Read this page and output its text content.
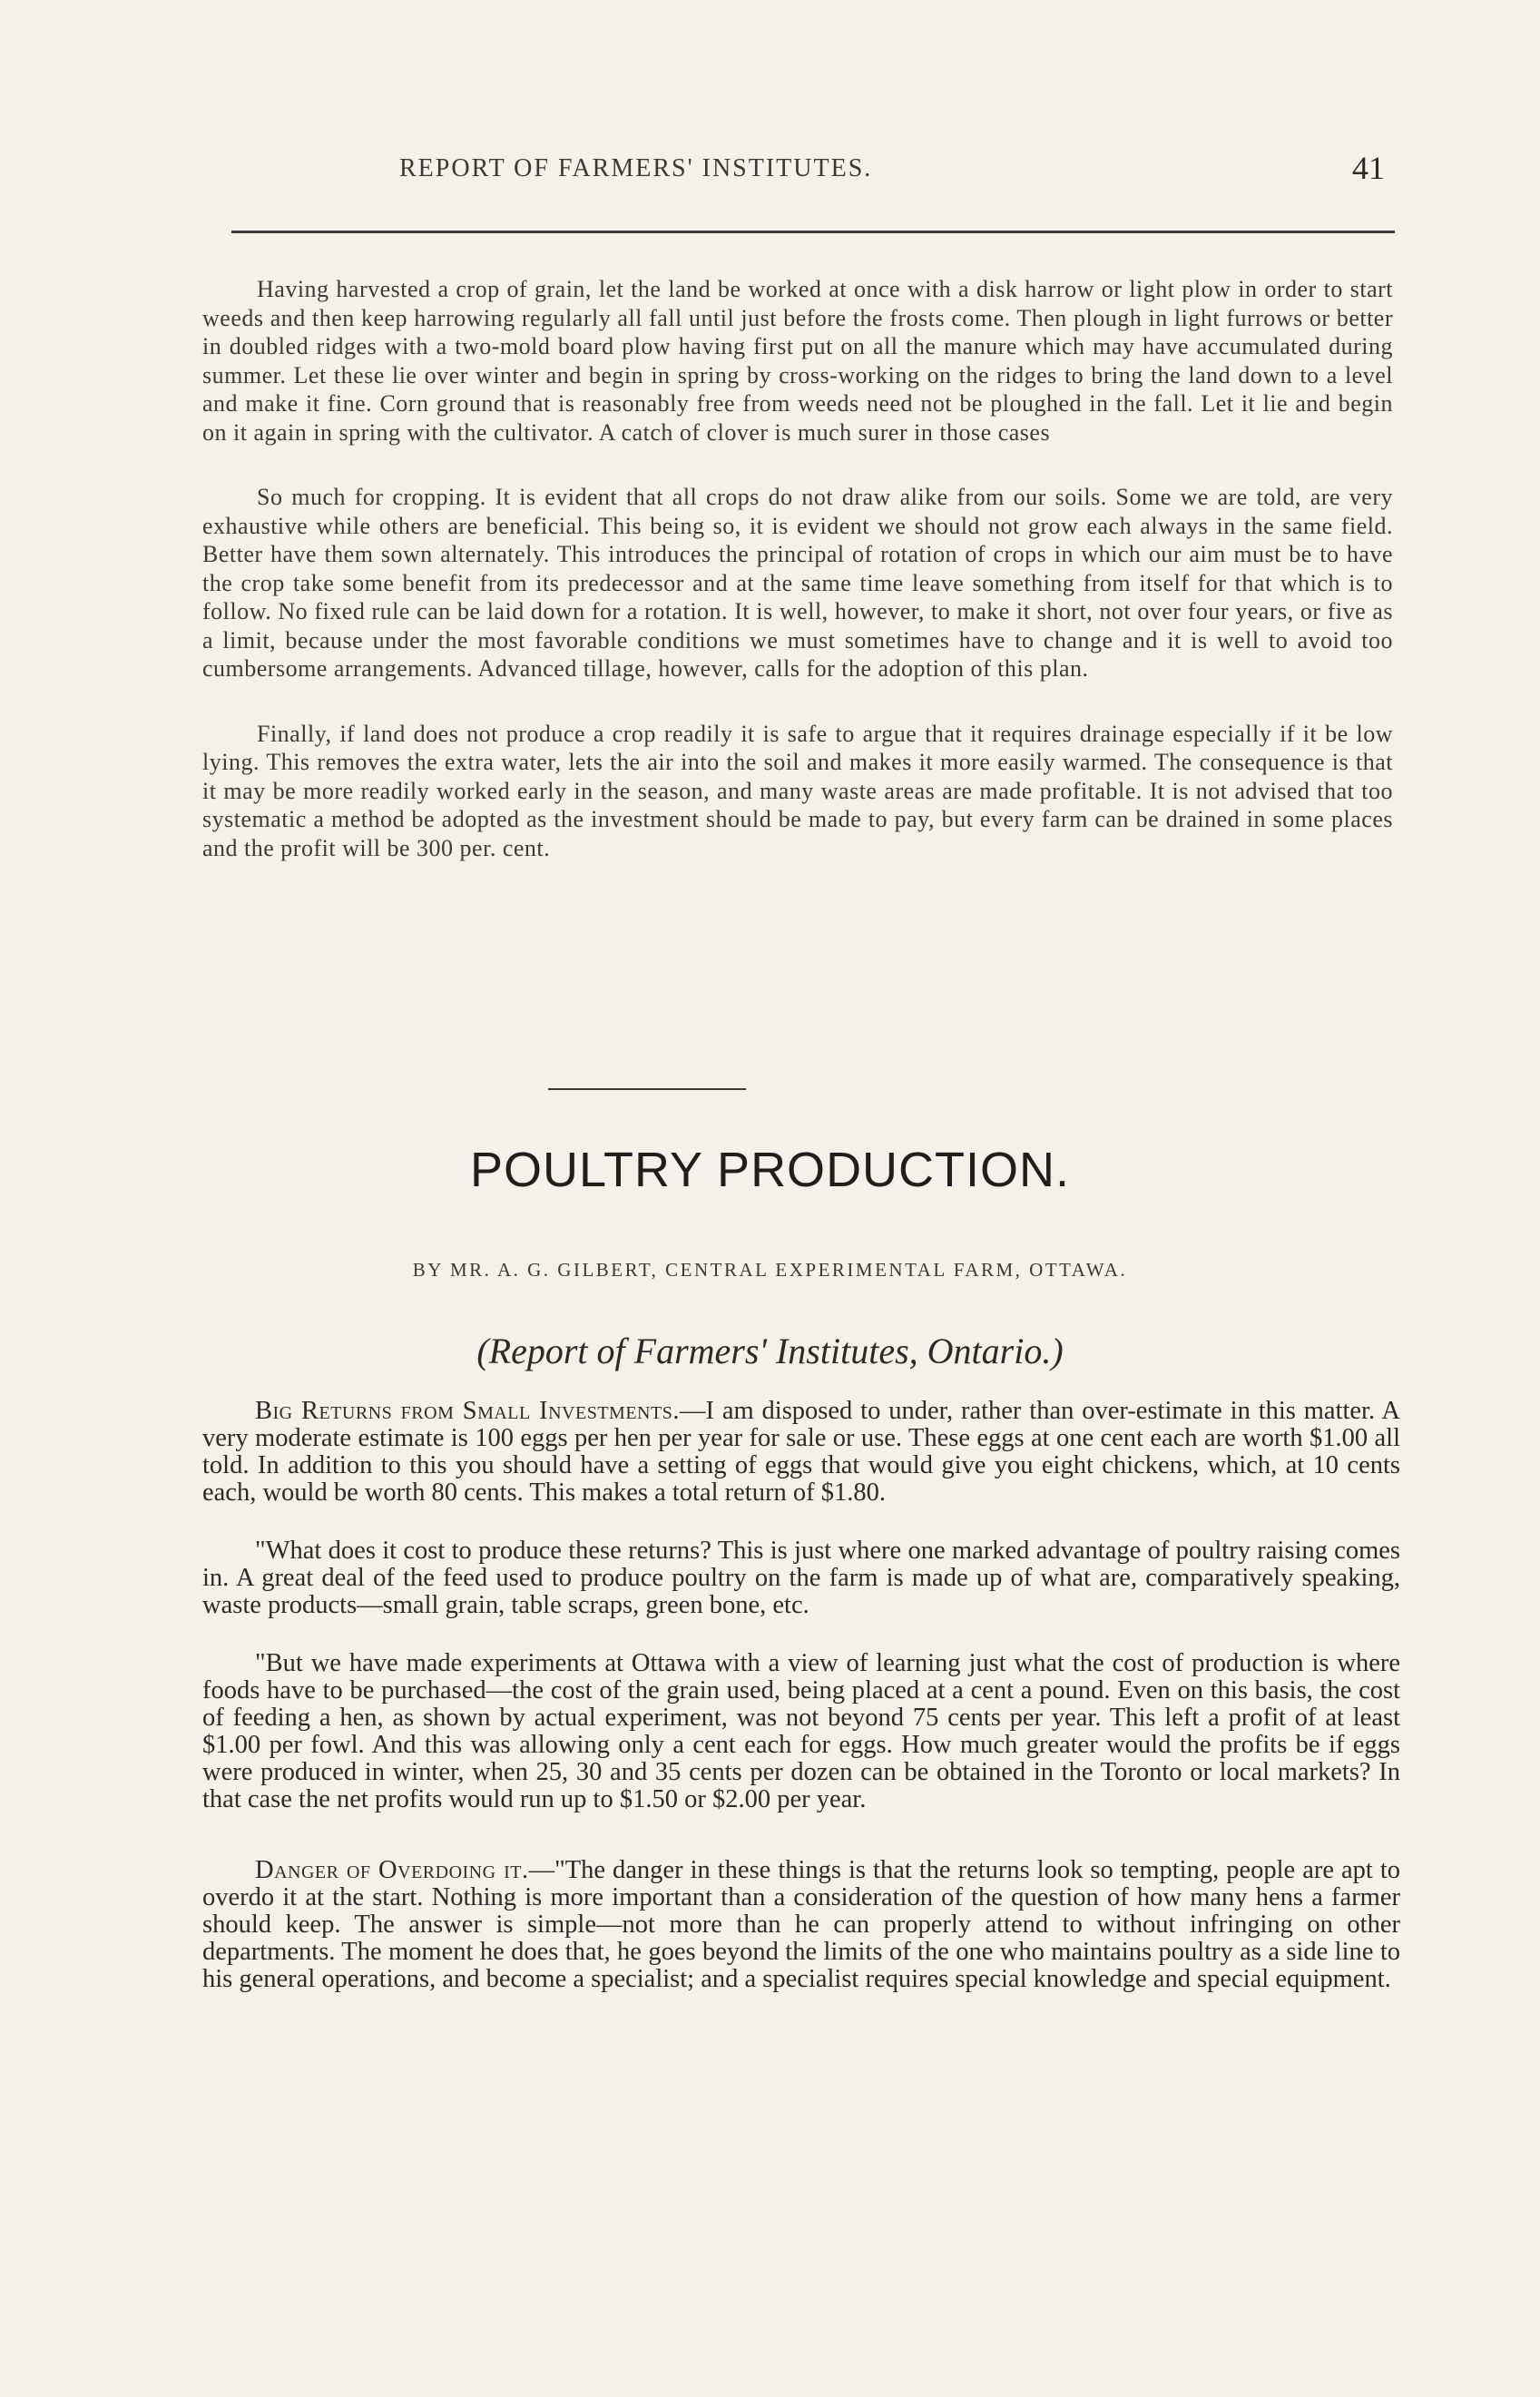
REPORT OF FARMERS' INSTITUTES.	41

Having harvested a crop of grain, let the land be worked at once with a disk harrow or light plow in order to start weeds and then keep harrowing regularly all fall until just before the frosts come. Then plough in light furrows or better in doubled ridges with a two-mold board plow having first put on all the manure which may have accumulated during summer. Let these lie over winter and begin in spring by cross-working on the ridges to bring the land down to a level and make it fine. Corn ground that is reasonably free from weeds need not be ploughed in the fall. Let it lie and begin on it again in spring with the cultivator. A catch of clover is much surer in those cases

So much for cropping. It is evident that all crops do not draw alike from our soils. Some we are told, are very exhaustive while others are beneficial. This being so, it is evident we should not grow each always in the same field. Better have them sown alternately. This introduces the principal of rotation of crops in which our aim must be to have the crop take some benefit from its predecessor and at the same time leave something from itself for that which is to follow. No fixed rule can be laid down for a rotation. It is well, however, to make it short, not over four years, or five as a limit, because under the most favorable conditions we must sometimes have to change and it is well to avoid too cumbersome arrangements. Advanced tillage, however, calls for the adoption of this plan.

Finally, if land does not produce a crop readily it is safe to argue that it requires drainage especially if it be low lying. This removes the extra water, lets the air into the soil and makes it more easily warmed. The consequence is that it may be more readily worked early in the season, and many waste areas are made profitable. It is not advised that too systematic a method be adopted as the investment should be made to pay, but every farm can be drained in some places and the profit will be 300 per. cent.

POULTRY PRODUCTION.
BY MR. A. G. GILBERT, CENTRAL EXPERIMENTAL FARM, OTTAWA.
(Report of Farmers' Institutes, Ontario.)

Big Returns from Small Investments.—I am disposed to under, rather than over-estimate in this matter. A very moderate estimate is 100 eggs per hen per year for sale or use. These eggs at one cent each are worth $1.00 all told. In addition to this you should have a setting of eggs that would give you eight chickens, which, at 10 cents each, would be worth 80 cents. This makes a total return of $1.80.

"What does it cost to produce these returns? This is just where one marked advantage of poultry raising comes in. A great deal of the feed used to produce poultry on the farm is made up of what are, comparatively speaking, waste products—small grain, table scraps, green bone, etc.

"But we have made experiments at Ottawa with a view of learning just what the cost of production is where foods have to be purchased—the cost of the grain used, being placed at a cent a pound. Even on this basis, the cost of feeding a hen, as shown by actual experiment, was not beyond 75 cents per year. This left a profit of at least $1.00 per fowl. And this was allowing only a cent each for eggs. How much greater would the profits be if eggs were produced in winter, when 25, 30 and 35 cents per dozen can be obtained in the Toronto or local markets? In that case the net profits would run up to $1.50 or $2.00 per year.

Danger of Overdoing it.—"The danger in these things is that the returns look so tempting, people are apt to overdo it at the start. Nothing is more important than a consideration of the question of how many hens a farmer should keep. The answer is simple—not more than he can properly attend to without infringing on other departments. The moment he does that, he goes beyond the limits of the one who maintains poultry as a side line to his general operations, and become a specialist; and a specialist requires special knowledge and special equipment.
